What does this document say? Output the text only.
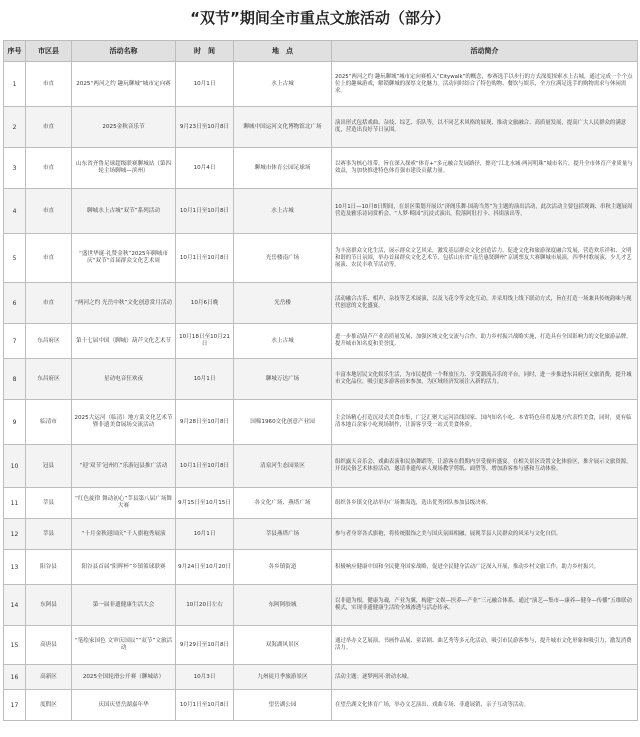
“双节”期间全市重点文旅活动（部分）
序号	市区县	活动名称	时　间	地　点	活动简介
1	市直	2025“两河之约 趣玩聊城”城市定向赛	10月1日	水上古城	2025“两河之约 趣玩聊城”城市定向赛植入“Citywalk”的概念，参赛选手以步行的方式深度探索水上古城，通过完成一个个点位上的趣味游戏，解锁聊城的深厚文化魅力。活动同时结合了特色购物、餐饮与娱乐，全方位满足选手的购物需求与休闲需求。
2	市直	2025金秋音乐节	9月23日至10月8日	聊城中国运河文化博物馆北广场	演出形式包括戏曲、杂技、综艺、乐队等，以不同艺术风格的展现，推动文旅融合、高质量发展，提高广大人民群众的满意度，营造出良好节日氛围。
3	市直	山东省齐鲁足球超级联赛聊城站（第四轮主场聊城—滨州）	10月4日	聊城市体育公园足球场	以赛事为核心纽带，旨在深入探索“体育+”多元融合发展路径，擦亮“江北水城·两河明珠”城市名片，提升全市体育产业质量与效益，为加快推进特色体育强市建设贡献力量。
4	市直	聊城水上古城“双节”系列活动	10月1日至10月8日	水上古城	10月1日—10月8日期间，在景区策划开展以“济阁乐舞·国韵当然”为主题的演出活动，此次活动主要包括观调、串秋主题展周营造及雅乐诗词赏析会、“人梦·畸园”沉浸式演出，院落阿肚打卡、抖街演出等。
5	市直	“盛世华诞·礼赞金秋”2025年聊城市庆“双节”首届群众文化艺术周	10月1日至10月8日	光岳楼南广场	为丰富群众文化生活，展示群众文艺风采，激发基层群众文化创造活力，促进文化和旅游深度融合发展，营造欢乐祥和、文明和谐的节日氛围，举办首届群众文化艺术节，包括山东省“南岳惠贤聊州”京剧票友大赛聊城市展演，四季村歌展演、少儿才艺展演、农民丰收节活动等。
6	市直	“两河之约 光岳中秋”文化创意赏月活动	10月6日晚	光岳楼	活动融合古乐、相声、杂技等艺术展演，以及飞花令等文化互动，并采用线上线下联动方式，旨在打造一场兼具传统韵味与现代创意的文化盛宴。
7	东昌府区	第十七届中国（聊城）葫芦文化艺术节	10月18日至10月21日	水上古城	进一步推动葫芦产业高质量发展，加强区域文化交流与合作，助力乡村振兴战略实施，打造具有全国影响力的文化旅游品牌，提升城市知名度和美誉度。
8	东昌府区	星动电音狂欢夜	10月1日	聊城万达广场	丰富本地居民文化娱乐生活，为市民提供一个释放压力、享受潮流音乐的平台。同时，进一步推进东昌府区文旅消费，提升城市文化品位，吸引更多游客前来参加，为区域经济发展注入新的活力。
9	临清市	2025大运河（临清）地方菜文化艺术节暨非遗美食展场交流活动	9月28日至10月8日	国棉1960文化创意产业园	主会场精心打造沉浸式美食市集，广泛汇聚大运河沿线国家、国内知名小吃、本省特色佳肴及地方代表性美食，同时，更有临清本地百余家小吃现场制作，让游客享受一站式美食体验。
10	冠县	“迎‘双节’冠州红”乐游冠县推广活动	10月1日至10月8日	清泉河生态园景区	组织露天音乐会、戏曲表演和民族舞蹈等，让游客在假期内享受视听盛宴。在相关景区设置文化体验区，推介展示文旅资源，开设民俗艺术体验活动，邀请非遗传承人现场教学剪纸、面塑等，增加游客参与感和互动体验。
11	莘县	“红色旋律 舞动初心”莘县第八届广场舞大赛	9月15日至10月15日	各文化广场、燕塔广场	组织各乡镇文化站举办广场舞海选，选出优秀团队参加县级决赛。
12	莘县	“十月金秋迎国庆”千人旗袍秀展演	10月1日	莘县燕塔广场	参与者身穿各式旗袍，将传统服饰之美与国庆氛围相融，展现莘县人民群众的风采与文化自信。
13	阳谷县	阳谷县首届“阳晖杯”乡镇篮球联赛	9月24日至10月20日	各乡镇街道	积极响应健康中国和全民健身国家战略，促进全民健身活动广泛深入开展，推动乡村文旅工作，助力乡村振兴。
14	东阿县	第一届非遗健康生活大会	10月20日左右	东阿阿胶城	以非遗为根，健康为魂，产业为翼，构建“文娱—医养—产业”三元融合体系，通过“演艺—集市—康养—健身—传播”五维联动模式，实现非遗健康生活的全域渗透与活态传承。
15	高唐县	“笔绘家国色 文审庆国辰”“双节”文旅活动	9月29日至10月8日	双海湖风景区	通过举办文艺展演、书画作品展、童话剧、曲艺秀等多元化活动，吸引市民游客参与，提升城市文化形象和吸引力，激发消费活力。
16	高新区	2025全国轮滑公开赛（聊城站）	10月3日	九州徒月季旅游景区	活动主题：逐梦两河·滑动水城。
17	度假区	庆国庆望岳湖嘉年华	10月1日至10月8日	望岳湖公园	在望岳湖文化体育广场，举办文艺演出、戏曲专场、非遗展销、亲子互动等活动。
